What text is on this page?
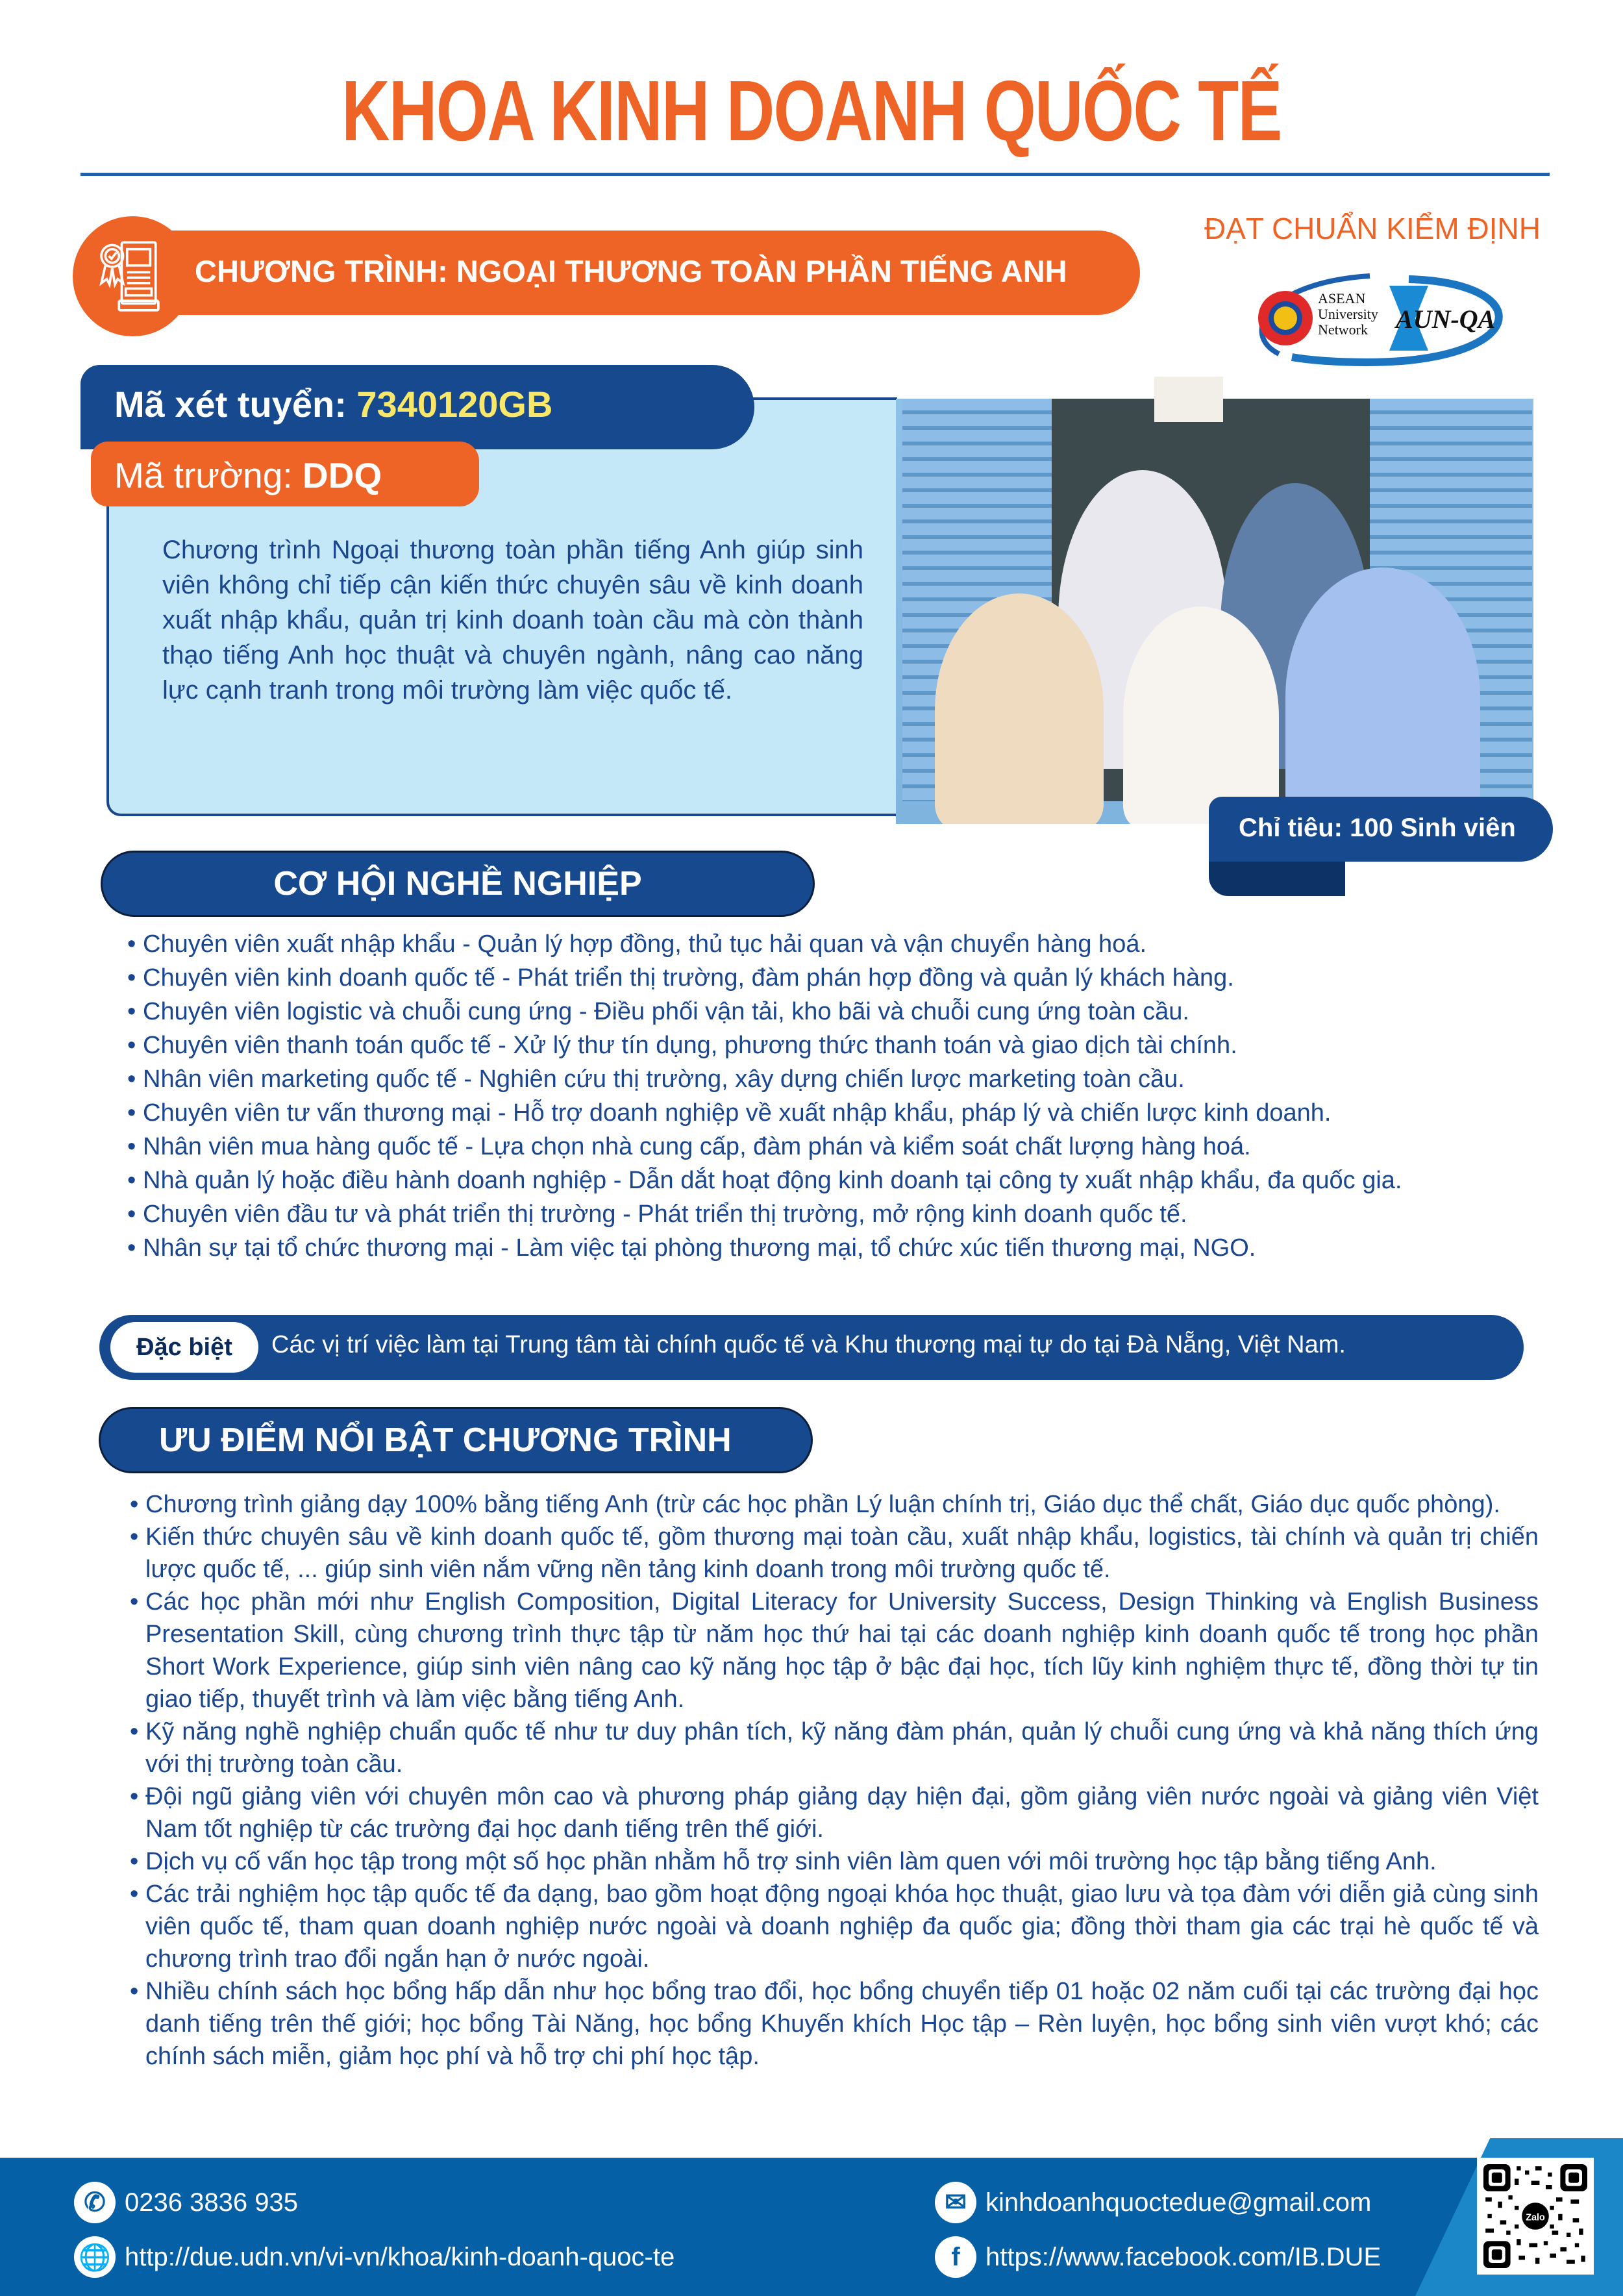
KHOA KINH DOANH QUỐC TẾ
CHƯƠNG TRÌNH: NGOẠI THƯƠNG TOÀN PHẦN TIẾNG ANH
ĐẠT CHUẨN KIỂM ĐỊNH
ASEAN
University
Network AUN-QA
Mã xét tuyển: 7340120GB
Mã trường: DDQ

Chương trình Ngoại thương toàn phần tiếng Anh giúp sinh viên không chỉ tiếp cận kiến thức chuyên sâu về kinh doanh xuất nhập khẩu, quản trị kinh doanh toàn cầu mà còn thành thạo tiếng Anh học thuật và chuyên ngành, nâng cao năng lực cạnh tranh trong môi trường làm việc quốc tế.

Chỉ tiêu: 100 Sinh viên
CƠ HỘI NGHỀ NGHIỆP
• Chuyên viên xuất nhập khẩu - Quản lý hợp đồng, thủ tục hải quan và vận chuyển hàng hoá.
• Chuyên viên kinh doanh quốc tế - Phát triển thị trường, đàm phán hợp đồng và quản lý khách hàng.
• Chuyên viên logistic và chuỗi cung ứng - Điều phối vận tải, kho bãi và chuỗi cung ứng toàn cầu.
• Chuyên viên thanh toán quốc tế - Xử lý thư tín dụng, phương thức thanh toán và giao dịch tài chính.
• Nhân viên marketing quốc tế - Nghiên cứu thị trường, xây dựng chiến lược marketing toàn cầu.
• Chuyên viên tư vấn thương mại - Hỗ trợ doanh nghiệp về xuất nhập khẩu, pháp lý và chiến lược kinh doanh.
• Nhân viên mua hàng quốc tế - Lựa chọn nhà cung cấp, đàm phán và kiểm soát chất lượng hàng hoá.
• Nhà quản lý hoặc điều hành doanh nghiệp - Dẫn dắt hoạt động kinh doanh tại công ty xuất nhập khẩu, đa quốc gia.
• Chuyên viên đầu tư và phát triển thị trường - Phát triển thị trường, mở rộng kinh doanh quốc tế.
• Nhân sự tại tổ chức thương mại - Làm việc tại phòng thương mại, tổ chức xúc tiến thương mại, NGO.
Đặc biệt	Các vị trí việc làm tại Trung tâm tài chính quốc tế và Khu thương mại tự do tại Đà Nẵng, Việt Nam.
ƯU ĐIỂM NỔI BẬT CHƯƠNG TRÌNH
• Chương trình giảng dạy 100% bằng tiếng Anh (trừ các học phần Lý luận chính trị, Giáo dục thể chất, Giáo dục quốc phòng).
• Kiến thức chuyên sâu về kinh doanh quốc tế, gồm thương mại toàn cầu, xuất nhập khẩu, logistics, tài chính và quản trị chiến lược quốc tế, ... giúp sinh viên nắm vững nền tảng kinh doanh trong môi trường quốc tế.
• Các học phần mới như English Composition, Digital Literacy for University Success, Design Thinking và English Business Presentation Skill, cùng chương trình thực tập từ năm học thứ hai tại các doanh nghiệp kinh doanh quốc tế trong học phần Short Work Experience, giúp sinh viên nâng cao kỹ năng học tập ở bậc đại học, tích lũy kinh nghiệm thực tế, đồng thời tự tin giao tiếp, thuyết trình và làm việc bằng tiếng Anh.
• Kỹ năng nghề nghiệp chuẩn quốc tế như tư duy phân tích, kỹ năng đàm phán, quản lý chuỗi cung ứng và khả năng thích ứng với thị trường toàn cầu.
• Đội ngũ giảng viên với chuyên môn cao và phương pháp giảng dạy hiện đại, gồm giảng viên nước ngoài và giảng viên Việt Nam tốt nghiệp từ các trường đại học danh tiếng trên thế giới.
• Dịch vụ cố vấn học tập trong một số học phần nhằm hỗ trợ sinh viên làm quen với môi trường học tập bằng tiếng Anh.
• Các trải nghiệm học tập quốc tế đa dạng, bao gồm hoạt động ngoại khóa học thuật, giao lưu và tọa đàm với diễn giả cùng sinh viên quốc tế, tham quan doanh nghiệp nước ngoài và doanh nghiệp đa quốc gia; đồng thời tham gia các trại hè quốc tế và chương trình trao đổi ngắn hạn ở nước ngoài.
• Nhiều chính sách học bổng hấp dẫn như học bổng trao đổi, học bổng chuyển tiếp 01 hoặc 02 năm cuối tại các trường đại học danh tiếng trên thế giới; học bổng Tài Năng, học bổng Khuyến khích Học tập – Rèn luyện, học bổng sinh viên vượt khó; các chính sách miễn, giảm học phí và hỗ trợ chi phí học tập.
✆ 0236 3836 935
🌐 http://due.udn.vn/vi-vn/khoa/kinh-doanh-quoc-te
✉ kinhdoanhquoctedue@gmail.com
f https://www.facebook.com/IB.DUE
Zalo
